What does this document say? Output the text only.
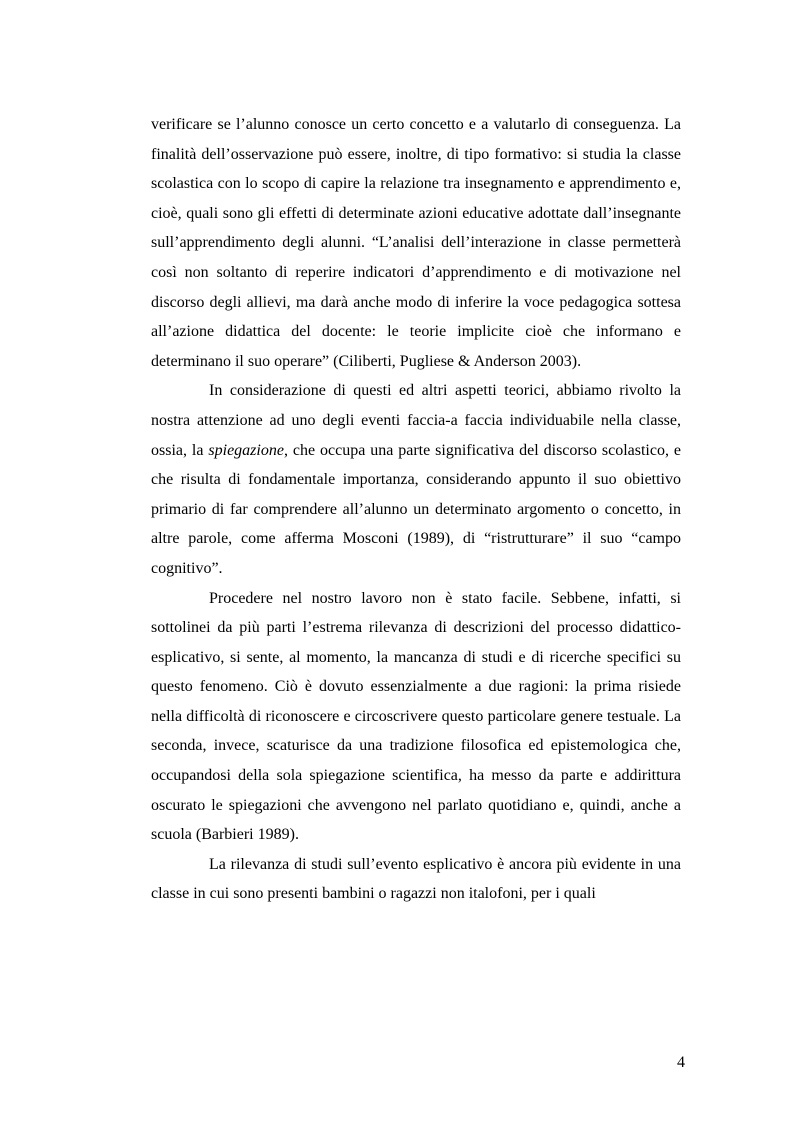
verificare se l’alunno conosce un certo concetto e a valutarlo di conseguenza. La finalità dell’osservazione può essere, inoltre, di tipo formativo: si studia la classe scolastica con lo scopo di capire la relazione tra insegnamento e apprendimento e, cioè, quali sono gli effetti di determinate azioni educative adottate dall’insegnante sull’apprendimento degli alunni. “L’analisi dell’interazione in classe permetterà così non soltanto di reperire indicatori d’apprendimento e di motivazione nel discorso degli allievi, ma darà anche modo di inferire la voce pedagogica sottesa all’azione didattica del docente: le teorie implicite cioè che informano e determinano il suo operare” (Ciliberti, Pugliese & Anderson 2003).

In considerazione di questi ed altri aspetti teorici, abbiamo rivolto la nostra attenzione ad uno degli eventi faccia-a faccia individuabile nella classe, ossia, la spiegazione, che occupa una parte significativa del discorso scolastico, e che risulta di fondamentale importanza, considerando appunto il suo obiettivo primario di far comprendere all’alunno un determinato argomento o concetto, in altre parole, come afferma Mosconi (1989), di “ristrutturare” il suo “campo cognitivo”.

Procedere nel nostro lavoro non è stato facile. Sebbene, infatti, si sottolinei da più parti l’estrema rilevanza di descrizioni del processo didattico-esplicativo, si sente, al momento, la mancanza di studi e di ricerche specifici su questo fenomeno. Ciò è dovuto essenzialmente a due ragioni: la prima risiede nella difficoltà di riconoscere e circoscrivere questo particolare genere testuale. La seconda, invece, scaturisce da una tradizione filosofica ed epistemologica che, occupandosi della sola spiegazione scientifica, ha messo da parte e addirittura oscurato le spiegazioni che avvengono nel parlato quotidiano e, quindi, anche a scuola (Barbieri 1989).

La rilevanza di studi sull’evento esplicativo è ancora più evidente in una classe in cui sono presenti bambini o ragazzi non italofoni, per i quali

4
